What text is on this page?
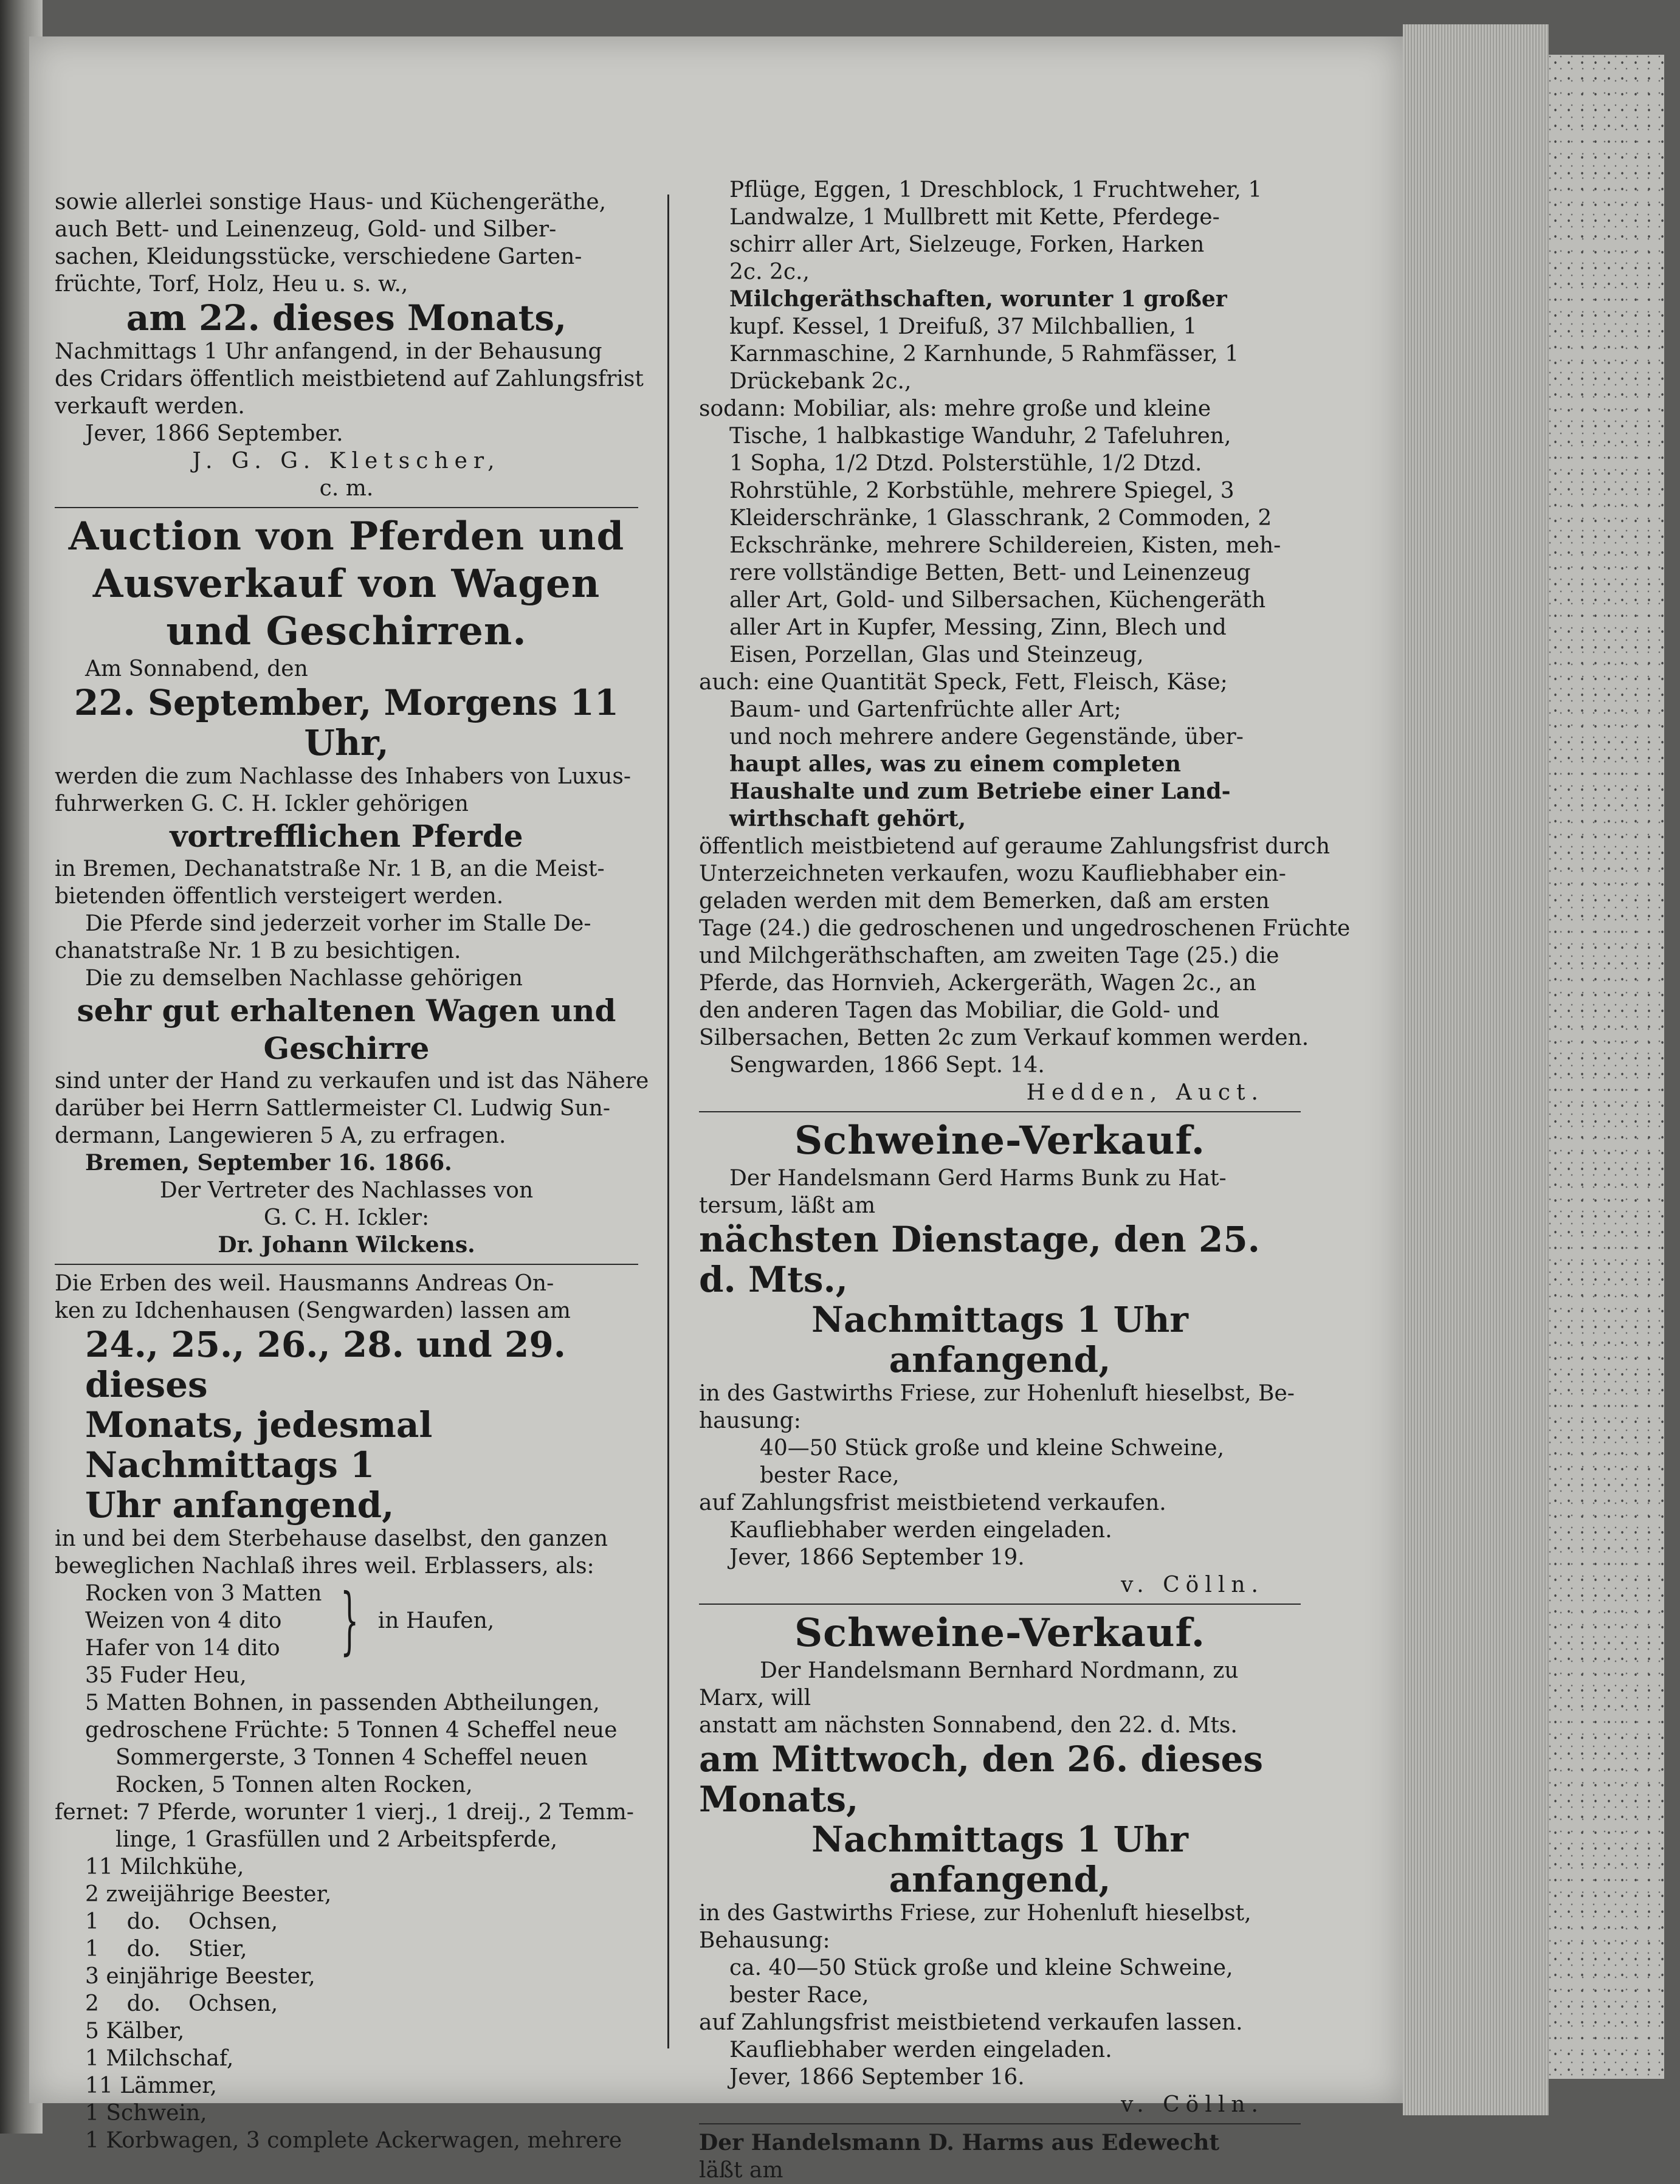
sowie allerlei sonstige Haus- und Küchengeräthe,
auch Bett- und Leinenzeug, Gold- und Silber-
sachen, Kleidungsstücke, verschiedene Garten-
früchte, Torf, Holz, Heu u. s. w.,
am 22. dieses Monats,
Nachmittags 1 Uhr anfangend, in der Behausung
des Cridars öffentlich meistbietend auf Zahlungsfrist
verkauft werden.
Jever, 1866 September.
J. G. G. Kletscher,
c. m.
Auction von Pferden und
Ausverkauf von Wagen
und Geschirren.
Am Sonnabend, den
22. September, Morgens 11 Uhr,
werden die zum Nachlasse des Inhabers von Luxus-
fuhrwerken G. C. H. Ickler gehörigen
vortrefflichen Pferde
in Bremen, Dechanatstraße Nr. 1 B, an die Meist-
bietenden öffentlich versteigert werden.
Die Pferde sind jederzeit vorher im Stalle De-
chanatstraße Nr. 1 B zu besichtigen.
Die zu demselben Nachlasse gehörigen
sehr gut erhaltenen Wagen und
Geschirre
sind unter der Hand zu verkaufen und ist das Nähere
darüber bei Herrn Sattlermeister Cl. Ludwig Sun-
dermann, Langewieren 5 A, zu erfragen.
Bremen, September 16. 1866.
Der Vertreter des Nachlasses von
G. C. H. Ickler:
Dr. Johann Wilckens.
Die Erben des weil. Hausmanns Andreas On-
ken zu Idchenhausen (Sengwarden) lassen am
24., 25., 26., 28. und 29. dieses
Monats, jedesmal Nachmittags 1
Uhr anfangend,
in und bei dem Sterbehause daselbst, den ganzen
beweglichen Nachlaß ihres weil. Erblassers, als:
Rocken von 3 Matten
Weizen von 4 dito
Hafer von 14 dito } in Haufen,
35 Fuder Heu,
5 Matten Bohnen, in passenden Abtheilungen,
gedroschene Früchte: 5 Tonnen 4 Scheffel neue
Sommergerste, 3 Tonnen 4 Scheffel neuen
Rocken, 5 Tonnen alten Rocken,
fernet: 7 Pferde, worunter 1 vierj., 1 dreij., 2 Temm-
linge, 1 Grasfüllen und 2 Arbeitspferde,
11 Milchkühe,
2 zweijährige Beester,
1    do.    Ochsen,
1    do.    Stier,
3 einjährige Beester,
2    do.    Ochsen,
5 Kälber,
1 Milchschaf,
11 Lämmer,
1 Schwein,
1 Korbwagen, 3 complete Ackerwagen, mehrere
Pflüge, Eggen, 1 Dreschblock, 1 Fruchtweher, 1
Landwalze, 1 Mullbrett mit Kette, Pferdege-
schirr aller Art, Sielzeuge, Forken, Harken
2c. 2c.,
Milchgeräthschaften, worunter 1 großer
kupf. Kessel, 1 Dreifuß, 37 Milchballien, 1
Karnmaschine, 2 Karnhunde, 5 Rahmfässer, 1
Drückebank 2c.,
sodann: Mobiliar, als: mehre große und kleine
Tische, 1 halbkastige Wanduhr, 2 Tafeluhren,
1 Sopha, 1/2 Dtzd. Polsterstühle, 1/2 Dtzd.
Rohrstühle, 2 Korbstühle, mehrere Spiegel, 3
Kleiderschränke, 1 Glasschrank, 2 Commoden, 2
Eckschränke, mehrere Schildereien, Kisten, meh-
rere vollständige Betten, Bett- und Leinenzeug
aller Art, Gold- und Silbersachen, Küchengeräth
aller Art in Kupfer, Messing, Zinn, Blech und
Eisen, Porzellan, Glas und Steinzeug,
auch: eine Quantität Speck, Fett, Fleisch, Käse;
Baum- und Gartenfrüchte aller Art;
und noch mehrere andere Gegenstände, über-
haupt alles, was zu einem completen
Haushalte und zum Betriebe einer Land-
wirthschaft gehört,
öffentlich meistbietend auf geraume Zahlungsfrist durch
Unterzeichneten verkaufen, wozu Kaufliebhaber ein-
geladen werden mit dem Bemerken, daß am ersten
Tage (24.) die gedroschenen und ungedroschenen Früchte
und Milchgeräthschaften, am zweiten Tage (25.) die
Pferde, das Hornvieh, Ackergeräth, Wagen 2c., an
den anderen Tagen das Mobiliar, die Gold- und
Silbersachen, Betten 2c zum Verkauf kommen werden.
Sengwarden, 1866 Sept. 14.
Hedden, Auct.
Schweine-Verkauf.
Der Handelsmann Gerd Harms Bunk zu Hat-
tersum, läßt am
nächsten Dienstage, den 25. d. Mts.,
Nachmittags 1 Uhr anfangend,
in des Gastwirths Friese, zur Hohenluft hieselbst, Be-
hausung:
40—50 Stück große und kleine Schweine,
bester Race,
auf Zahlungsfrist meistbietend verkaufen.
Kaufliebhaber werden eingeladen.
Jever, 1866 September 19.
v. Cölln.
Schweine-Verkauf.
Der Handelsmann Bernhard Nordmann, zu
Marx, will
anstatt am nächsten Sonnabend, den 22. d. Mts.
am Mittwoch, den 26. dieses Monats,
Nachmittags 1 Uhr anfangend,
in des Gastwirths Friese, zur Hohenluft hieselbst,
Behausung:
ca. 40—50 Stück große und kleine Schweine,
bester Race,
auf Zahlungsfrist meistbietend verkaufen lassen.
Kaufliebhaber werden eingeladen.
Jever, 1866 September 16.
v. Cölln.
Der Handelsmann D. Harms aus Edewecht
läßt am
